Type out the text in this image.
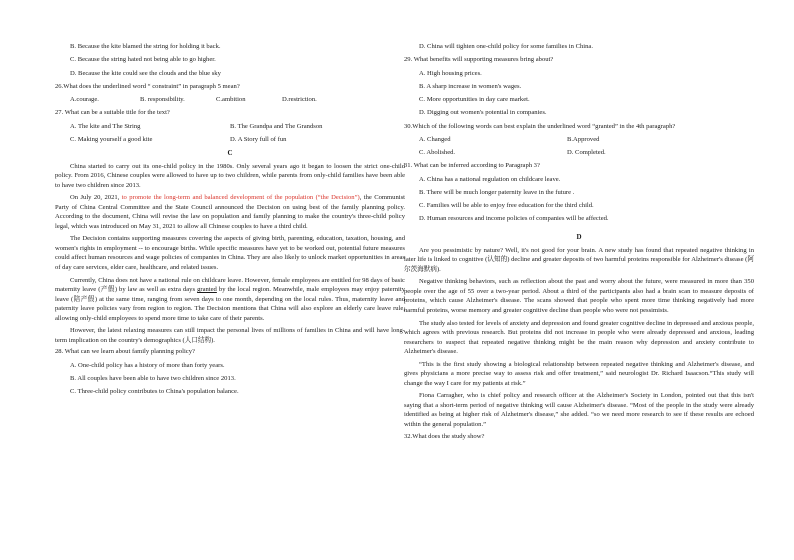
B. Because the kite blamed the string for holding it back.
C. Because the string hated not being able to go higher.
D. Because the kite could see the clouds and the blue sky
26.What does the underlined word “ constraint” in paragraph 5 mean?
A.courage.	B. responsibility.	C.ambition	D.restriction.
27. What can be a suitable title for the text?
A. The kite and The String	B. The Grandpa and The Grandson
C. Making yourself a good kite	D. A Story full of fun
C
China started to carry out its one-child policy in the 1980s. Only several years ago it began to loosen the strict one-child policy. From 2016, Chinese couples were allowed to have up to two children, while parents from only-child families have been able to have two children since 2013.
On July 20, 2021, to promote the long-term and balanced development of the population (“the Decision”), the Communist Party of China Central Committee and the State Council announced the Decision on using best of the family planning policy. According to the document, China will revise the law on population and family planning to make the country's three-child policy legal, which was introduced on May 31, 2021 to allow all Chinese couples to have a third child.
The Decision contains supporting measures covering the aspects of giving birth, parenting, education, taxation, housing, and women's rights in employment -- to encourage births. While specific measures have yet to be worked out, potential future measures could affect human resources and wage policies of companies in China. They are also likely to unlock market opportunities in areas of day care services, elder care, healthcare, and related issues.
Currently, China does not have a national rule on childcare leave. However, female employees are entitled for 98 days of basic maternity leave (产假) by law as well as extra days granted by the local region. Meanwhile, male employees may enjoy paternity leave (陪产假) at the same time, ranging from seven days to one month, depending on the local rules. Thus, maternity leave and paternity leave policies vary from region to region. The Decision mentions that China will also explore an elderly care leave rule, allowing only-child employees to spend more time to take care of their parents.
However, the latest relaxing measures can still impact the personal lives of millions of families in China and will have long-term implication on the country's demographics (人口结构).
28. What can we learn about family planning policy?
A. One-child policy has a history of more than forty years.
B. All couples have been able to have two children since 2013.
C. Three-child policy contributes to China's population balance.
D. China will tighten one-child policy for some families in China.
29. What benefits will supporting measures bring about?
A. High housing prices.
B. A sharp increase in women's wages.
C. More opportunities in day care market.
D. Digging out women's potential in companies.
30.Which of the following words can best explain the underlined word “granted” in the 4th paragraph?
A. Changed	B.Approved
C. Abolished.	D. Completed.
31. What can be inferred according to Paragraph 3?
A. China has a national regulation on childcare leave.
B. There will be much longer paternity leave in the future .
C. Families will be able to enjoy free education for the third child.
D. Human resources and income policies of companies will be affected.
D
Are you pessimistic by nature? Well, it's not good for your brain. A new study has found that repeated negative thinking in later life is linked to cognitive (认知的) decline and greater deposits of two harmful proteins responsible for Alzheimer's disease (阿尔茨海默病).
Negative thinking behaviors, such as reflection about the past and worry about the future, were measured in more than 350 people over the age of 55 over a two-year period. About a third of the participants also had a brain scan to measure deposits of proteins, which cause Alzheimer's disease. The scans showed that people who spent more time thinking negatively had more harmful proteins, worse memory and greater cognitive decline than people who were not pessimists.
The study also tested for levels of anxiety and depression and found greater cognitive decline in depressed and anxious people, which agrees with previous research. But proteins did not increase in people who were already depressed and anxious, leading researchers to suspect that repeated negative thinking might be the main reason why depression and anxiety contribute to Alzheimer's disease.
“This is the first study showing a biological relationship between repeated negative thinking and Alzheimer's disease, and gives physicians a more precise way to assess risk and offer treatment,” said neurologist Dr. Richard Isaacson.“This study will change the way I care for my patients at risk.”
Fiona Carragher, who is chief policy and research officer at the Alzheimer's Society in London, pointed out that this isn't saying that a short-term period of negative thinking will cause Alzheimer's disease. “Most of the people in the study were already identified as being at higher risk of Alzheimer's disease,” she added. “so we need more research to see if these results are echoed within the general population.”
32.What does the study show?
